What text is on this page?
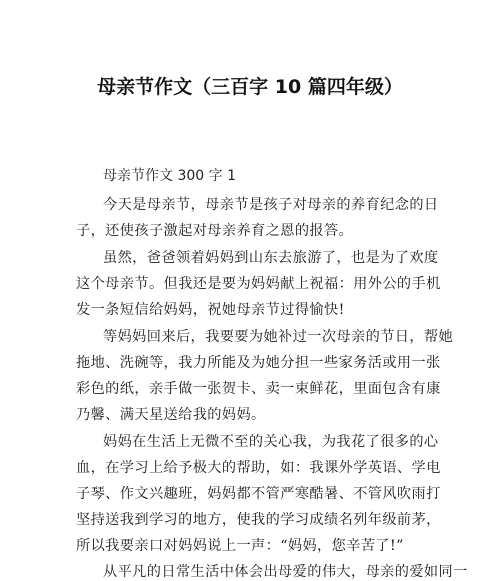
母亲节作文（三百字 10 篇四年级）
母亲节作文 300 字 1
今天是母亲节，母亲节是孩子对母亲的养育纪念的日
子，还使孩子激起对母亲养育之恩的报答。
虽然，爸爸领着妈妈到山东去旅游了，也是为了欢度
这个母亲节。但我还是要为妈妈献上祝福：用外公的手机
发一条短信给妈妈，祝她母亲节过得愉快!
等妈妈回来后，我要要为她补过一次母亲的节日，帮她
拖地、洗碗等，我力所能及为她分担一些家务活或用一张
彩色的纸，亲手做一张贺卡、卖一束鲜花，里面包含有康
乃馨、满天星送给我的妈妈。
妈妈在生活上无微不至的关心我，为我花了很多的心
血，在学习上给予极大的帮助，如：我课外学英语、学电
子琴、作文兴趣班，妈妈都不管严寒酷暑、不管风吹雨打
坚持送我到学习的地方，使我的学习成绩名列年级前茅，
所以我要亲口对妈妈说上一声：“妈妈，您辛苦了!”
从平凡的日常生活中体会出母爱的伟大，母亲的爱如同一
